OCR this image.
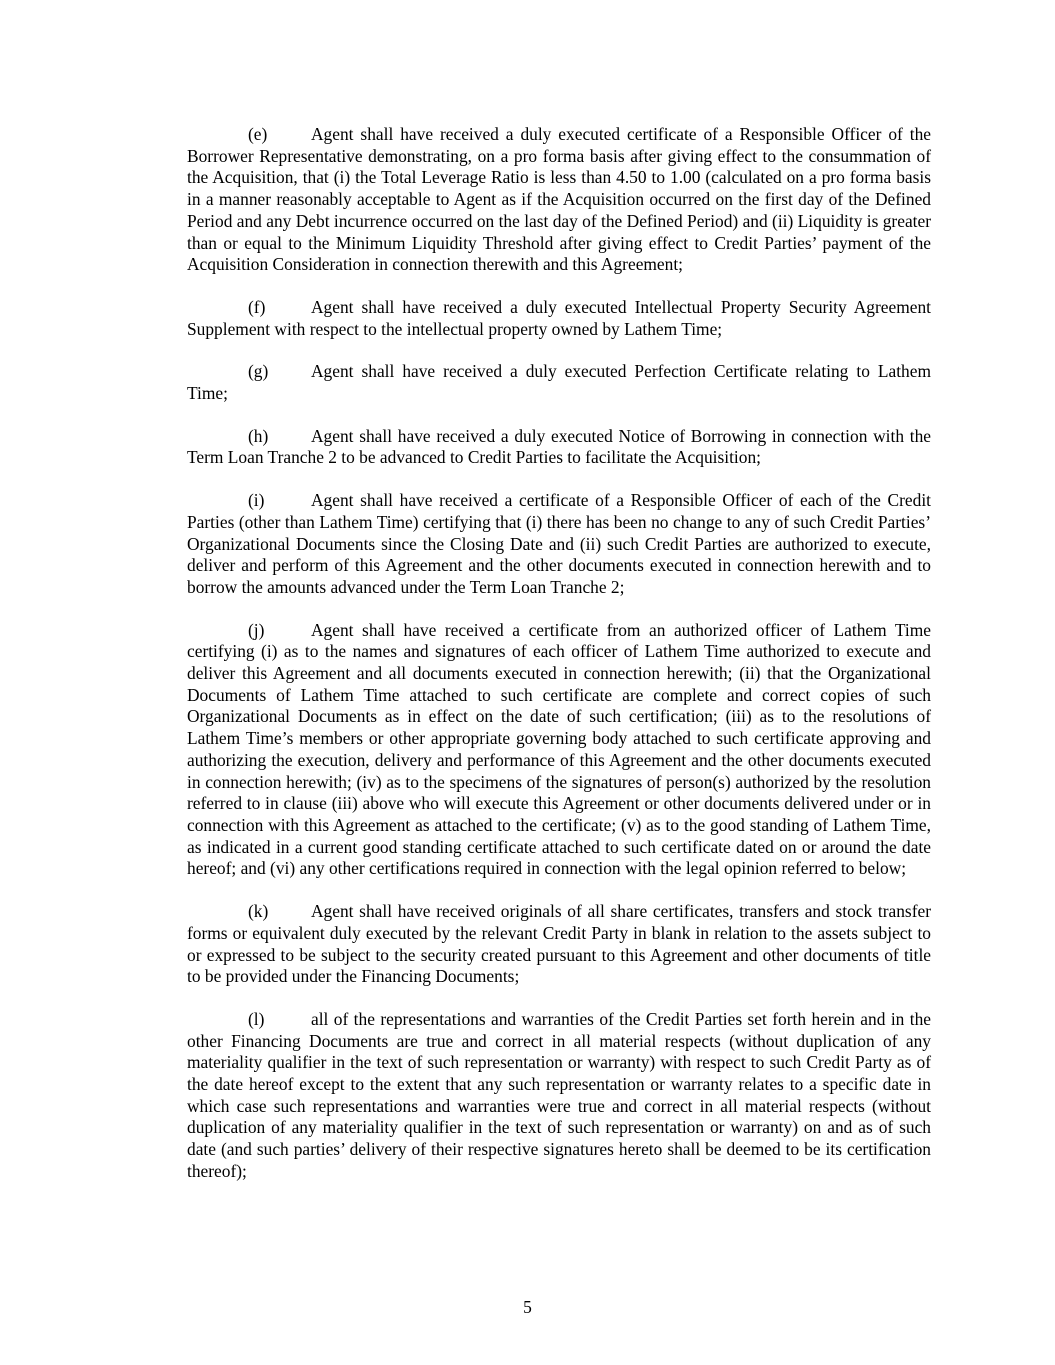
(e)	Agent shall have received a duly executed certificate of a Responsible Officer of the Borrower Representative demonstrating, on a pro forma basis after giving effect to the consummation of the Acquisition, that (i) the Total Leverage Ratio is less than 4.50 to 1.00 (calculated on a pro forma basis in a manner reasonably acceptable to Agent as if the Acquisition occurred on the first day of the Defined Period and any Debt incurrence occurred on the last day of the Defined Period) and (ii) Liquidity is greater than or equal to the Minimum Liquidity Threshold after giving effect to Credit Parties’ payment of the Acquisition Consideration in connection therewith and this Agreement;

(f)	Agent shall have received a duly executed Intellectual Property Security Agreement Supplement with respect to the intellectual property owned by Lathem Time;

(g) Agent shall have received a duly executed Perfection Certificate relating to Lathem Time;

(h) Agent shall have received a duly executed Notice of Borrowing in connection with the Term Loan Tranche 2 to be advanced to Credit Parties to facilitate the Acquisition;

(i)	Agent shall have received a certificate of a Responsible Officer of each of the Credit Parties (other than Lathem Time) certifying that (i) there has been no change to any of such Credit Parties’ Organizational Documents since the Closing Date and (ii) such Credit Parties are authorized to execute, deliver and perform of this Agreement and the other documents executed in connection herewith and to borrow the amounts advanced under the Term Loan Tranche 2;

(j)	Agent shall have received a certificate from an authorized officer of Lathem Time certifying (i) as to the names and signatures of each officer of Lathem Time authorized to execute and deliver this Agreement and all documents executed in connection herewith; (ii) that the Organizational Documents of Lathem Time attached to such certificate are complete and correct copies of such Organizational Documents as in effect on the date of such certification; (iii) as to the resolutions of Lathem Time’s members or other appropriate governing body attached to such certificate approving and authorizing the execution, delivery and performance of this Agreement and the other documents executed in connection herewith; (iv) as to the specimens of the signatures of person(s) authorized by the resolution referred to in clause (iii) above who will execute this Agreement or other documents delivered under or in connection with this Agreement as attached to the certificate; (v) as to the good standing of Lathem Time, as indicated in a current good standing certificate attached to such certificate dated on or around the date hereof; and (vi) any other certifications required in connection with the legal opinion referred to below;

(k) Agent shall have received originals of all share certificates, transfers and stock transfer forms or equivalent duly executed by the relevant Credit Party in blank in relation to the assets subject to or expressed to be subject to the security created pursuant to this Agreement and other documents of title to be provided under the Financing Documents;

(l)	all of the representations and warranties of the Credit Parties set forth herein and in the other Financing Documents are true and correct in all material respects (without duplication of any materiality qualifier in the text of such representation or warranty) with respect to such Credit Party as of the date hereof except to the extent that any such representation or warranty relates to a specific date in which case such representations and warranties were true and correct in all material respects (without duplication of any materiality qualifier in the text of such representation or warranty) on and as of such date (and such parties’ delivery of their respective signatures hereto shall be deemed to be its certification thereof);

5
